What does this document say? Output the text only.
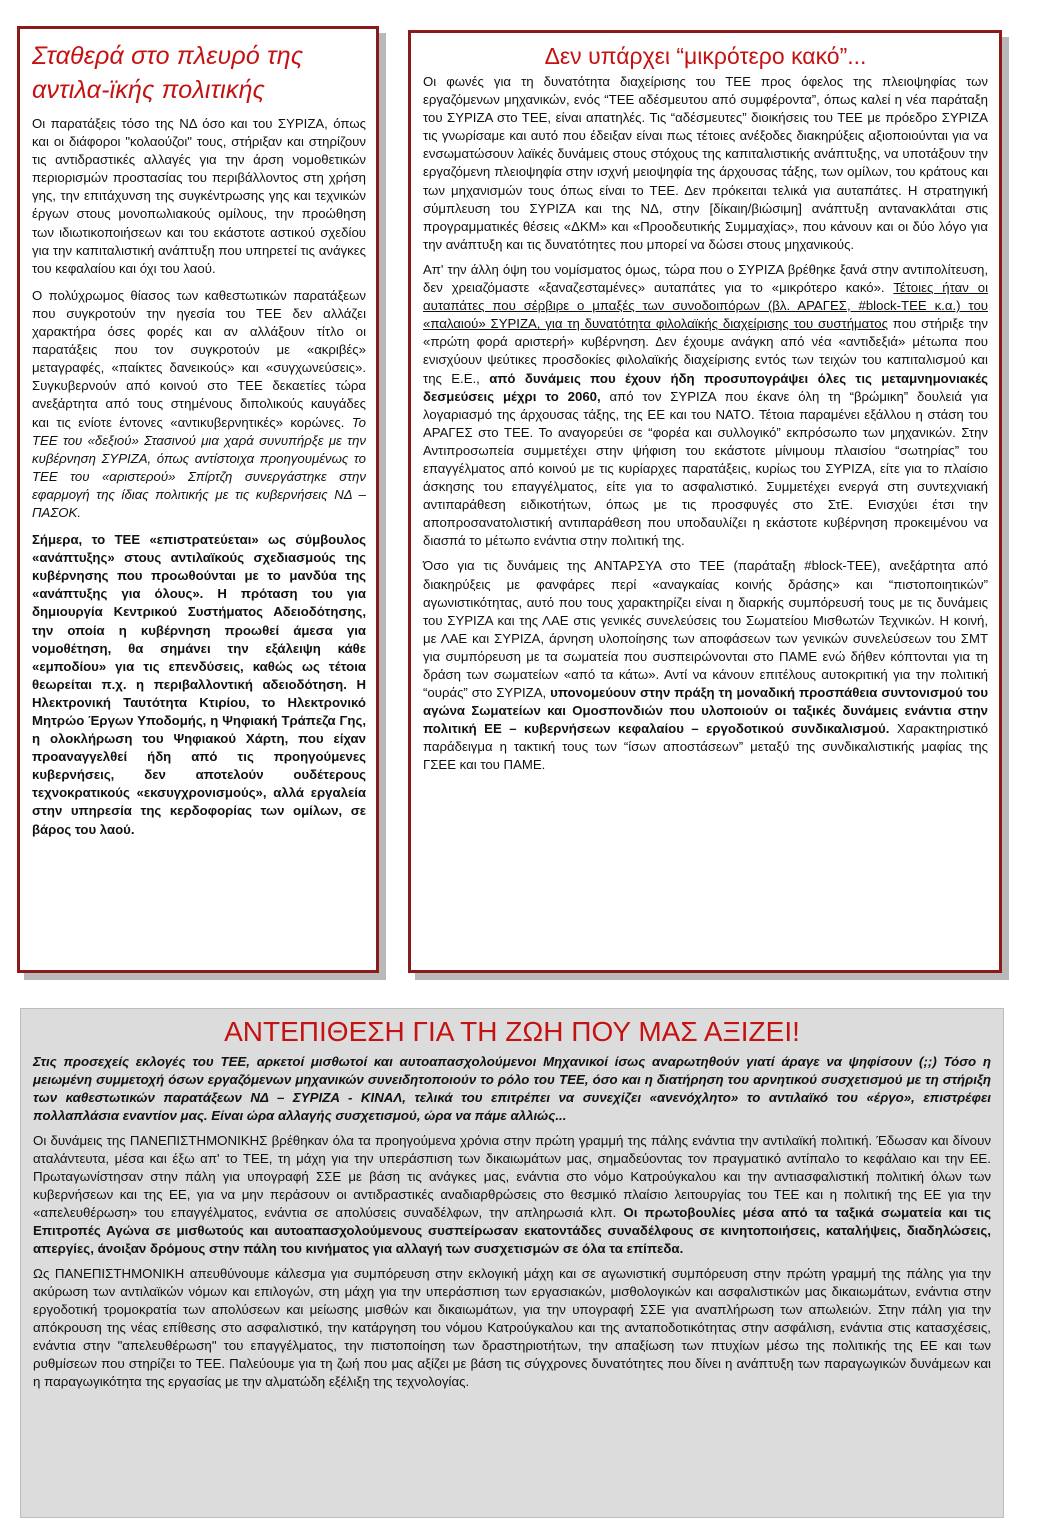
Σταθερά στο πλευρό της αντιλα-ϊκής πολιτικής

Οι παρατάξεις τόσο της ΝΔ όσο και του ΣΥΡΙΖΑ, όπως και οι διάφοροι "κολαούζοι" τους, στήριξαν και στηρίζουν τις αντιδραστικές αλλαγές για την άρση νομοθετικών περιορισμών προστασίας του περιβάλλοντος στη χρήση γης, την επιτάχυνση της συγκέντρωσης γης και τεχνικών έργων στους μονοπωλιακούς ομίλους, την προώθηση των ιδιωτικοποιήσεων και του εκάστοτε αστικού σχεδίου για την καπιταλιστική ανάπτυξη που υπηρετεί τις ανάγκες του κεφαλαίου και όχι του λαού.

Ο πολύχρωμος θίασος των καθεστωτικών παρατάξεων που συγκροτούν την ηγεσία του ΤΕΕ δεν αλλάζει χαρακτήρα όσες φορές και αν αλλάξουν τίτλο οι παρατάξεις που τον συγκροτούν με «ακριβές» μεταγραφές, «παίκτες δανεικούς» και «συγχωνεύσεις». Συγκυβερνούν από κοινού στο ΤΕΕ δεκαετίες τώρα ανεξάρτητα από τους στημένους διπολικούς καυγάδες και τις ενίοτε έντονες «αντικυβερνητικές» κορώνες. Το ΤΕΕ του «δεξιού» Στασινού μια χαρά συνυπήρξε με την κυβέρνηση ΣΥΡΙΖΑ, όπως αντίστοιχα προηγουμένως το ΤΕΕ του «αριστερού» Σπίρτζη συνεργάστηκε στην εφαρμογή της ίδιας πολιτικής με τις κυβερνήσεις ΝΔ – ΠΑΣΟΚ.

Σήμερα, το ΤΕΕ «επιστρατεύεται» ως σύμβουλος «ανάπτυξης» στους αντιλαϊκούς σχεδιασμούς της κυβέρνησης που προωθούνται με το μανδύα της «ανάπτυξης για όλους». Η πρόταση του για δημιουργία Κεντρικού Συστήματος Αδειοδότησης, την οποία η κυβέρνηση προωθεί άμεσα για νομοθέτηση, θα σημάνει την εξάλειψη κάθε «εμποδίου» για τις επενδύσεις, καθώς ως τέτοια θεωρείται π.χ. η περιβαλλοντική αδειοδότηση. Η Ηλεκτρονική Ταυτότητα Κτιρίου, το Ηλεκτρονικό Μητρώο Έργων Υποδομής, η Ψηφιακή Τράπεζα Γης, η ολοκλήρωση του Ψηφιακού Χάρτη, που είχαν προαναγγελθεί ήδη από τις προηγούμενες κυβερνήσεις, δεν αποτελούν ουδέτερους τεχνοκρατικούς «εκσυγχρονισμούς», αλλά εργαλεία στην υπηρεσία της κερδοφορίας των ομίλων, σε βάρος του λαού.

Δεν υπάρχει “μικρότερο κακό”...

Οι φωνές για τη δυνατότητα διαχείρισης του ΤΕΕ προς όφελος της πλειοψηφίας των εργαζόμενων μηχανικών, ενός “ΤΕΕ αδέσμευτου από συμφέροντα”, όπως καλεί η νέα παράταξη του ΣΥΡΙΖΑ στο ΤΕΕ, είναι απατηλές. Τις “αδέσμευτες” διοικήσεις του ΤΕΕ με πρόεδρο ΣΥΡΙΖΑ τις γνωρίσαμε και αυτό που έδειξαν είναι πως τέτοιες ανέξοδες διακηρύξεις αξιοποιούνται για να ενσωματώσουν λαϊκές δυνάμεις στους στόχους της καπιταλιστικής ανάπτυξης, να υποτάξουν την εργαζόμενη πλειοψηφία στην ισχνή μειοψηφία της άρχουσας τάξης, των ομίλων, του κράτους και των μηχανισμών τους όπως είναι το ΤΕΕ. Δεν πρόκειται τελικά για αυταπάτες. Η στρατηγική σύμπλευση του ΣΥΡΙΖΑ και της ΝΔ, στην [δίκαιη/βιώσιμη] ανάπτυξη αντανακλάται στις προγραμματικές θέσεις «ΔΚΜ» και «Προοδευτικής Συμμαχίας», που κάνουν και οι δύο λόγο για την ανάπτυξη και τις δυνατότητες που μπορεί να δώσει στους μηχανικούς.

Απ' την άλλη όψη του νομίσματος όμως, τώρα που ο ΣΥΡΙΖΑ βρέθηκε ξανά στην αντιπολίτευση, δεν χρειαζόμαστε «ξαναζεσταμένες» αυταπάτες για το «μικρότερο κακό». Τέτοιες ήταν οι αυταπάτες που σέρβιρε ο μπαξές των συνοδοιπόρων (βλ. ΑΡΑΓΕΣ, #block-ΤΕΕ κ.α.) του «παλαιού» ΣΥΡΙΖΑ, για τη δυνατότητα φιλολαϊκής διαχείρισης του συστήματος που στήριξε την «πρώτη φορά αριστερή» κυβέρνηση. Δεν έχουμε ανάγκη από νέα «αντιδεξιά» μέτωπα που ενισχύουν ψεύτικες προσδοκίες φιλολαϊκής διαχείρισης εντός των τειχών του καπιταλισμού και της Ε.Ε., από δυνάμεις που έχουν ήδη προσυπογράψει όλες τις μεταμνημονιακές δεσμεύσεις μέχρι το 2060, από τον ΣΥΡΙΖΑ που έκανε όλη τη “βρώμικη” δουλειά για λογαριασμό της άρχουσας τάξης, της ΕΕ και του ΝΑΤΟ. Τέτοια παραμένει εξάλλου η στάση του ΑΡΑΓΕΣ στο ΤΕΕ. Το αναγορεύει σε “φορέα και συλλογικό” εκπρόσωπο των μηχανικών. Στην Αντιπροσωπεία συμμετέχει στην ψήφιση του εκάστοτε μίνιμουμ πλαισίου “σωτηρίας” του επαγγέλματος από κοινού με τις κυρίαρχες παρατάξεις, κυρίως του ΣΥΡΙΖΑ, είτε για το πλαίσιο άσκησης του επαγγέλματος, είτε για το ασφαλιστικό. Συμμετέχει ενεργά στη συντεχνιακή αντιπαράθεση ειδικοτήτων, όπως με τις προσφυγές στο ΣτΕ. Ενισχύει έτσι την αποπροσανατολιστική αντιπαράθεση που υποδαυλίζει η εκάστοτε κυβέρνηση προκειμένου να διασπά το μέτωπο ενάντια στην πολιτική της.

Όσο για τις δυνάμεις της ΑΝΤΑΡΣΥΑ στο ΤΕΕ (παράταξη #block-ΤΕΕ), ανεξάρτητα από διακηρύξεις με φανφάρες περί «αναγκαίας κοινής δράσης» και “πιστοποιητικών” αγωνιστικότητας, αυτό που τους χαρακτηρίζει είναι η διαρκής συμπόρευσή τους με τις δυνάμεις του ΣΥΡΙΖΑ και της ΛΑΕ στις γενικές συνελεύσεις του Σωματείου Μισθωτών Τεχνικών. Η κοινή, με ΛΑΕ και ΣΥΡΙΖΑ, άρνηση υλοποίησης των αποφάσεων των γενικών συνελεύσεων του ΣΜΤ για συμπόρευση με τα σωματεία που συσπειρώνονται στο ΠΑΜΕ ενώ δήθεν κόπτονται για τη δράση των σωματείων «από τα κάτω». Αντί να κάνουν επιτέλους αυτοκριτική για την πολιτική “ουράς” στο ΣΥΡΙΖΑ, υπονομεύουν στην πράξη τη μοναδική προσπάθεια συντονισμού του αγώνα Σωματείων και Ομοσπονδιών που υλοποιούν οι ταξικές δυνάμεις ενάντια στην πολιτική ΕΕ – κυβερνήσεων κεφαλαίου – εργοδοτικού συνδικαλισμού. Χαρακτηριστικό παράδειγμα η τακτική τους των “ίσων αποστάσεων” μεταξύ της συνδικαλιστικής μαφίας της ΓΣΕΕ και του ΠΑΜΕ.

ΑΝΤΕΠΙΘΕΣΗ ΓΙΑ ΤΗ ΖΩΗ ΠΟΥ ΜΑΣ ΑΞΙΖΕΙ!

Στις προσεχείς εκλογές του ΤΕΕ, αρκετοί μισθωτοί και αυτοαπασχολούμενοι Μηχανικοί ίσως αναρωτηθούν γιατί άραγε να ψηφίσουν (;;) Τόσο η μειωμένη συμμετοχή όσων εργαζόμενων μηχανικών συνειδητοποιούν το ρόλο του ΤΕΕ, όσο και η διατήρηση του αρνητικού συσχετισμού με τη στήριξη των καθεστωτικών παρατάξεων ΝΔ – ΣΥΡΙΖΑ - ΚΙΝΑΛ, τελικά του επιτρέπει να συνεχίζει «ανενόχλητο» το αντιλαϊκό του «έργο», επιστρέφει πολλαπλάσια εναντίον μας. Είναι ώρα αλλαγής συσχετισμού, ώρα να πάμε αλλιώς...

Οι δυνάμεις της ΠΑΝΕΠΙΣΤΗΜΟΝΙΚΗΣ βρέθηκαν όλα τα προηγούμενα χρόνια στην πρώτη γραμμή της πάλης ενάντια την αντιλαϊκή πολιτική. Έδωσαν και δίνουν αταλάντευτα, μέσα και έξω απ' το ΤΕΕ, τη μάχη για την υπεράσπιση των δικαιωμάτων μας, σημαδεύοντας τον πραγματικό αντίπαλο το κεφάλαιο και την ΕΕ. Πρωταγωνίστησαν στην πάλη για υπογραφή ΣΣΕ με βάση τις ανάγκες μας, ενάντια στο νόμο Κατρούγκαλου και την αντιασφαλιστική πολιτική όλων των κυβερνήσεων και της ΕΕ, για να μην περάσουν οι αντιδραστικές αναδιαρθρώσεις στο θεσμικό πλαίσιο λειτουργίας του ΤΕΕ και η πολιτική της ΕΕ για την «απελευθέρωση» του επαγγέλματος, ενάντια σε απολύσεις συναδέλφων, την απληρωσιά κλπ. Οι πρωτοβουλίες μέσα από τα ταξικά σωματεία και τις Επιτροπές Αγώνα σε μισθωτούς και αυτοαπασχολούμενους συσπείρωσαν εκατοντάδες συναδέλφους σε κινητοποιήσεις, καταλήψεις, διαδηλώσεις, απεργίες, άνοιξαν δρόμους στην πάλη του κινήματος για αλλαγή των συσχετισμών σε όλα τα επίπεδα.

Ως ΠΑΝΕΠΙΣΤΗΜΟΝΙΚΗ απευθύνουμε κάλεσμα για συμπόρευση στην εκλογική μάχη και σε αγωνιστική συμπόρευση στην πρώτη γραμμή της πάλης για την ακύρωση των αντιλαϊκών νόμων και επιλογών, στη μάχη για την υπεράσπιση των εργασιακών, μισθολογικών και ασφαλιστικών μας δικαιωμάτων, ενάντια στην εργοδοτική τρομοκρατία των απολύσεων και μείωσης μισθών και δικαιωμάτων, για την υπογραφή ΣΣΕ για αναπλήρωση των απωλειών. Στην πάλη για την απόκρουση της νέας επίθεσης στο ασφαλιστικό, την κατάργηση του νόμου Κατρούγκαλου και της ανταποδοτικότητας στην ασφάλιση, ενάντια στις κατασχέσεις, ενάντια στην "απελευθέρωση" του επαγγέλματος, την πιστοποίηση των δραστηριοτήτων, την απαξίωση των πτυχίων μέσω της πολιτικής της ΕΕ και των ρυθμίσεων που στηρίζει το ΤΕΕ. Παλεύουμε για τη ζωή που μας αξίζει με βάση τις σύγχρονες δυνατότητες που δίνει η ανάπτυξη των παραγωγικών δυνάμεων και η παραγωγικότητα της εργασίας με την αλματώδη εξέλιξη της τεχνολογίας.
